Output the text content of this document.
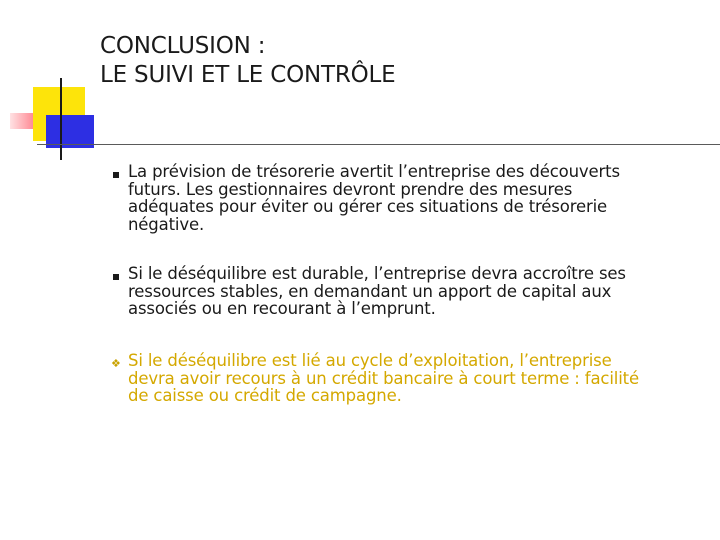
CONCLUSION :
LE SUIVI ET LE CONTRÔLE
La prévision de trésorerie avertit l’entreprise des découverts
futurs. Les gestionnaires devront prendre des mesures
adéquates pour éviter ou gérer ces situations de trésorerie
négative.
Si le déséquilibre est durable, l’entreprise devra accroître ses
ressources stables, en demandant un apport de capital aux
associés ou en recourant à l’emprunt.
❖ Si le déséquilibre est lié au cycle d’exploitation, l’entreprise
devra avoir recours à un crédit bancaire à court terme : facilité
de caisse ou crédit de campagne.
